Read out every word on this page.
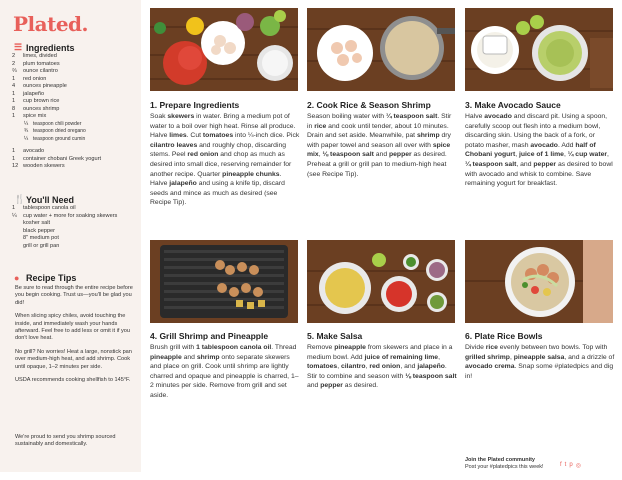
Plated.
☰ Ingredients
2	limes, divided
2	plum tomatoes
⅔	ounce cilantro
1	red onion
4	ounces pineapple
1	jalapeño
1	cup brown rice
8	ounces shrimp
1	spice mix
¼ teaspoon chili powder
¾ teaspoon dried oregano
¼ teaspoon ground cumin
1	avocado
1	container chobani Greek yogurt
12 wooden skewers
🍴 You'll Need
1	tablespoon canola oil
¼	cup water + more for soaking skewers
kosher salt
black pepper
8" medium pot
grill or grill pan
● Recipe Tips

Be sure to read through the entire recipe before you begin cooking. Trust us—you'll be glad you did!

When slicing spicy chiles, avoid touching the inside, and immediately wash your hands afterward. Feel free to add less or omit it if you don't love heat.

No grill? No worries! Heat a large, nonstick pan over medium-high heat, and add shrimp. Cook until opaque, 1–2 minutes per side.

USDA recommends cooking shellfish to 145°F.

We're proud to send you shrimp sourced sustainably and domestically.
1. Prepare Ingredients
Soak skewers in water. Bring a medium pot of water to a boil over high heat. Rinse all produce. Halve limes. Cut tomatoes into ¼-inch dice. Pick cilantro leaves and roughly chop, discarding stems. Peel red onion and chop as much as desired into small dice, reserving remainder for another recipe. Quarter pineapple chunks. Halve jalapeño and using a knife tip, discard seeds and mince as much as desired (see Recipe Tip).
2. Cook Rice & Season Shrimp
Season boiling water with ¼ teaspoon salt. Stir in rice and cook until tender, about 10 minutes. Drain and set aside. Meanwhile, pat shrimp dry with paper towel and season all over with spice mix, ⅛ teaspoon salt and pepper as desired. Preheat a grill or grill pan to medium-high heat (see Recipe Tip).
3. Make Avocado Sauce
Halve avocado and discard pit. Using a spoon, carefully scoop out flesh into a medium bowl, discarding skin. Using the back of a fork, or potato masher, mash avocado. Add half of Chobani yogurt, juice of 1 lime, ¼ cup water, ¼ teaspoon salt, and pepper as desired to bowl with avocado and whisk to combine. Save remaining yogurt for breakfast.
4. Grill Shrimp and Pineapple
Brush grill with 1 tablespoon canola oil. Thread pineapple and shrimp onto separate skewers and place on grill. Cook until shrimp are lightly charred and opaque and pineapple is charred, 1–2 minutes per side. Remove from grill and set aside.
5. Make Salsa
Remove pineapple from skewers and place in a medium bowl. Add juice of remaining lime, tomatoes, cilantro, red onion, and jalapeño. Stir to combine and season with ⅛ teaspoon salt and pepper as desired.
6. Plate Rice Bowls
Divide rice evenly between two bowls. Top with grilled shrimp, pineapple salsa, and a drizzle of avocado crema. Snap some #platedpics and dig in!
Join the Plated community
Post your #platedpics this week!	f t p ◎
